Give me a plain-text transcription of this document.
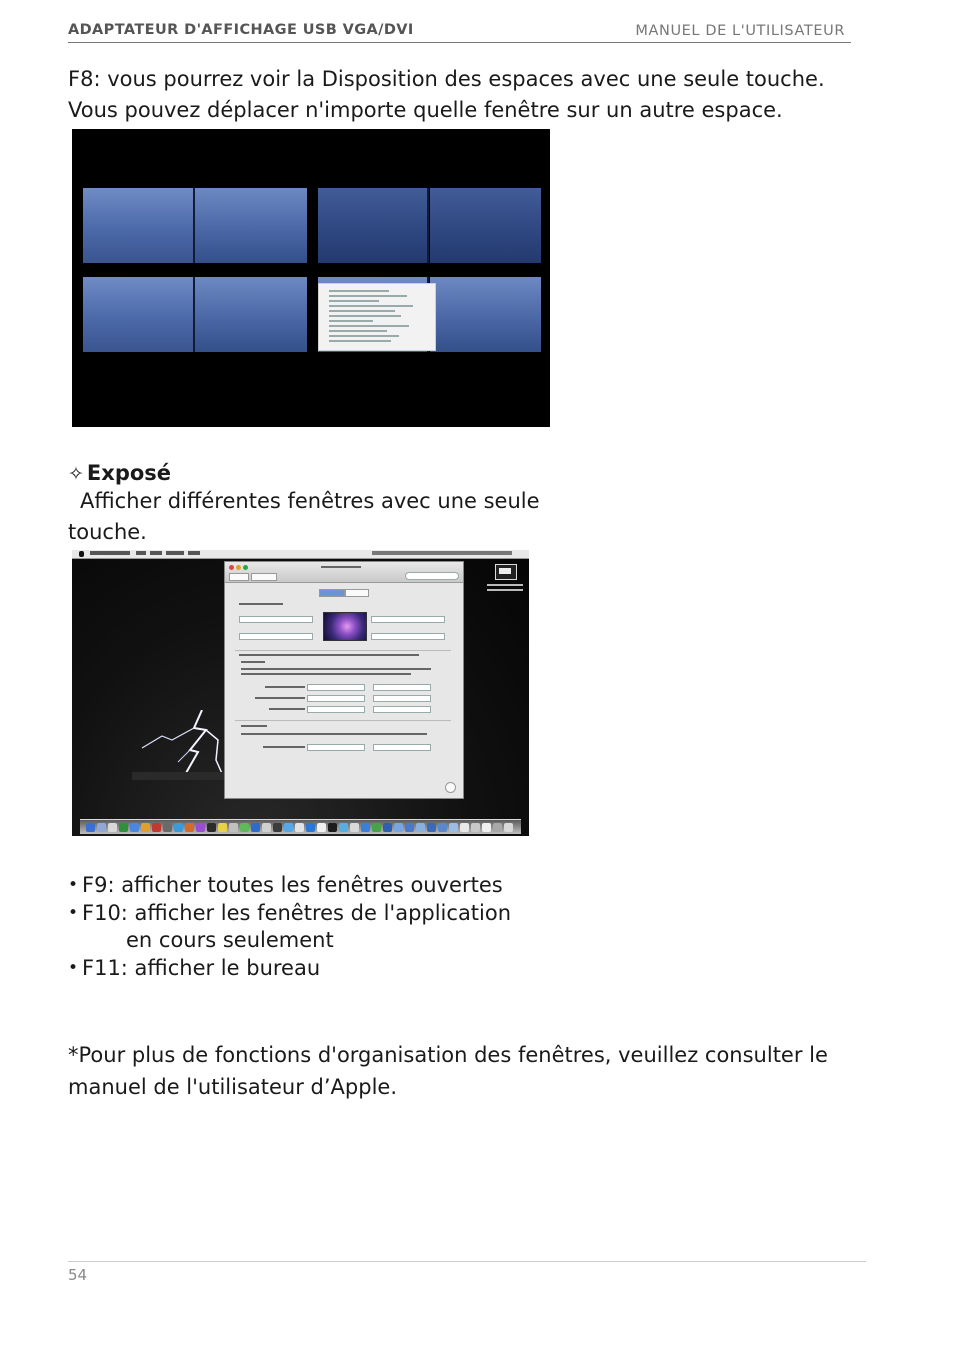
ADAPTATEUR D'AFFICHAGE USB VGA/DVI	MANUEL DE L'UTILISATEUR
F8: vous pourrez voir la Disposition des espaces avec une seule touche.
Vous pouvez déplacer n'importe quelle fenêtre sur un autre espace.
✧ Exposé
Afficher différentes fenêtres avec une seule
touche.
• F9: afficher toutes les fenêtres ouvertes
• F10: afficher les fenêtres de l'application
en cours seulement
• F11: afficher le bureau
*Pour plus de fonctions d'organisation des fenêtres, veuillez consulter le
manuel de l'utilisateur d’Apple.
54
